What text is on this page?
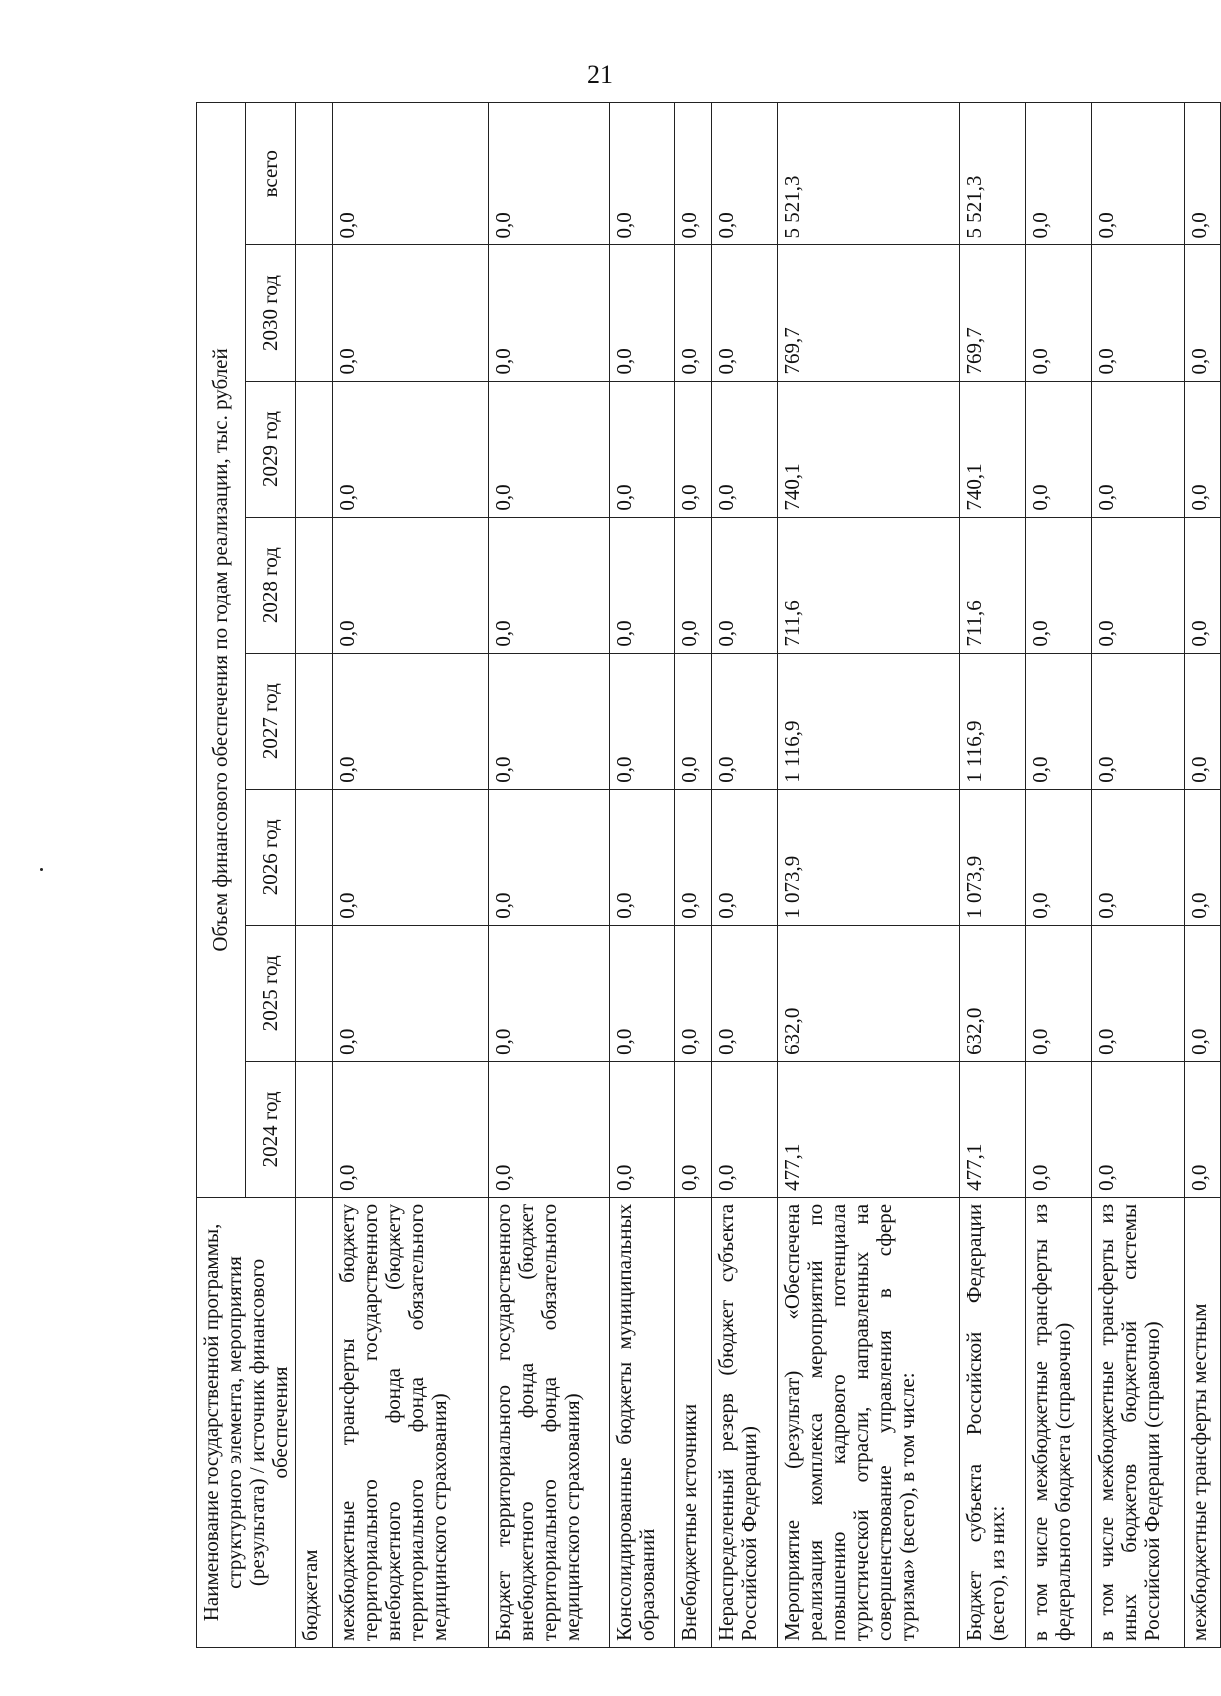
21
Наименование государственной программы, структурного элемента, мероприятия (результата) / источник финансового обеспечения	Объем финансового обеспечения по годам реализации, тыс. рублей							
	2024 год	2025 год	2026 год	2027 год	2028 год	2029 год	2030 год	всего
бюджетам								
межбюджетные трансферты бюджету территориального государственного внебюджетного фонда (бюджету территориального фонда обязательного медицинского страхования)	0,0	0,0	0,0	0,0	0,0	0,0	0,0	0,0
Бюджет территориального государственного внебюджетного фонда (бюджет территориального фонда обязательного медицинского страхования)	0,0	0,0	0,0	0,0	0,0	0,0	0,0	0,0
Консолидированные бюджеты муниципальных образований	0,0	0,0	0,0	0,0	0,0	0,0	0,0	0,0
Внебюджетные источники	0,0	0,0	0,0	0,0	0,0	0,0	0,0	0,0
Нераспределенный резерв (бюджет субъекта Российской Федерации)	0,0	0,0	0,0	0,0	0,0	0,0	0,0	0,0
Мероприятие (результат) «Обеспечена реализация комплекса мероприятий по повышению кадрового потенциала туристической отрасли, направленных на совершенствование управления в сфере туризма» (всего), в том числе:	477,1	632,0	1 073,9	1 116,9	711,6	740,1	769,7	5 521,3
Бюджет субъекта Российской Федерации (всего), из них:	477,1	632,0	1 073,9	1 116,9	711,6	740,1	769,7	5 521,3
в том числе межбюджетные трансферты из федерального бюджета (справочно)	0,0	0,0	0,0	0,0	0,0	0,0	0,0	0,0
в том числе межбюджетные трансферты из иных бюджетов бюджетной системы Российской Федерации (справочно)	0,0	0,0	0,0	0,0	0,0	0,0	0,0	0,0
межбюджетные трансферты местным	0,0	0,0	0,0	0,0	0,0	0,0	0,0	0,0
